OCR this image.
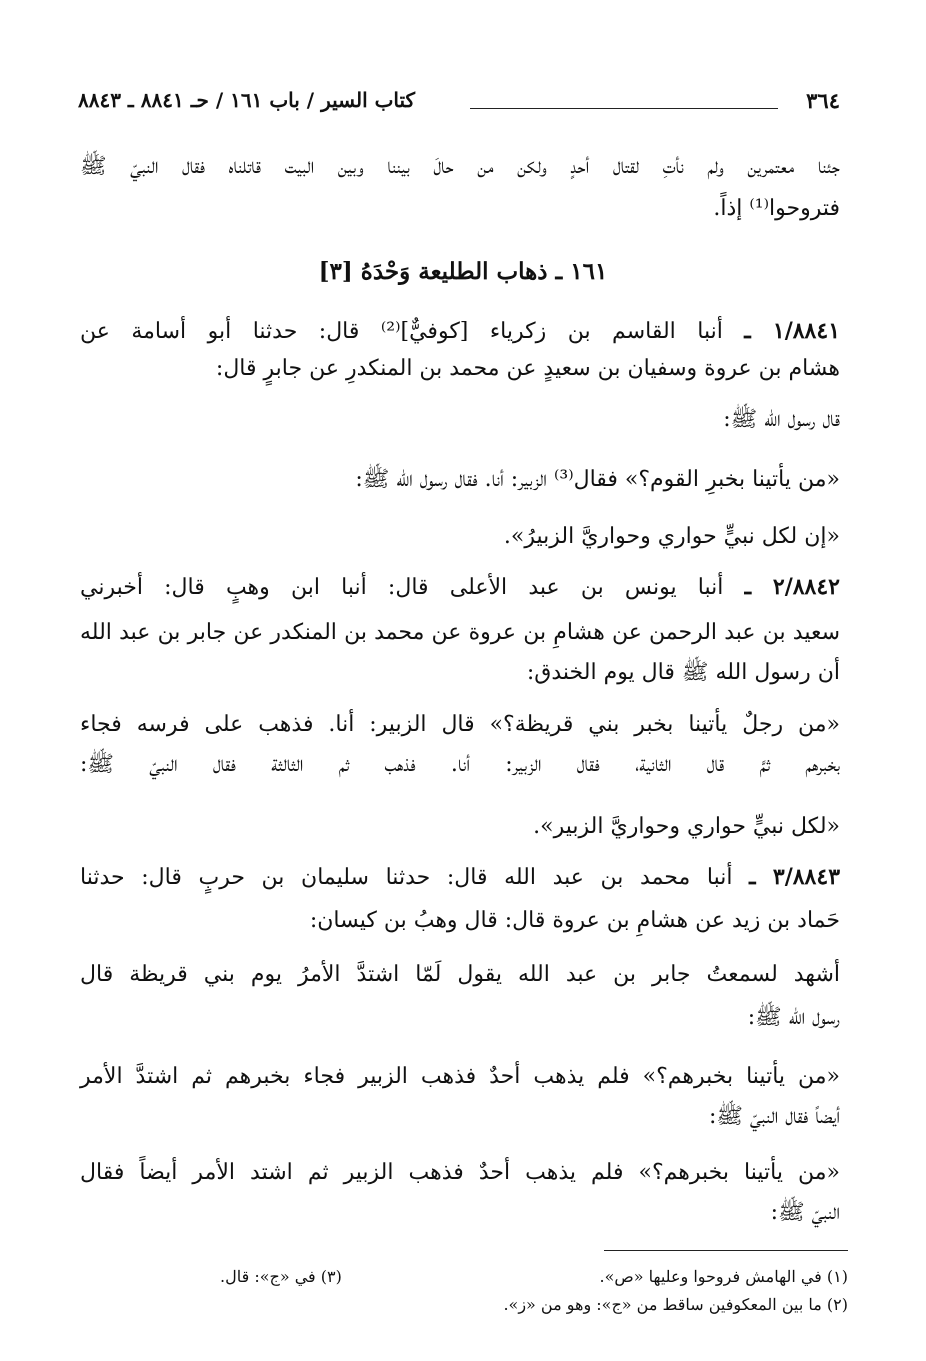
٣٦٤
كتاب السير / باب ١٦١ / حـ ٨٨٤١ ـ ٨٨٤٣
جئنا معتمرين ولم نأتِ لقتال أحدٍ ولكن من حالَ بيننا وبين البيت قاتلناه فقال النبيّ ﷺ
فتروحوا⁽¹⁾ إذاً.
١٦١ ـ ذهاب الطليعة وَحْدَهُ [٣]
١/٨٨٤١ ـ أنبا القاسم بن زكرياء [كوفيٌّ]⁽²⁾ قال: حدثنا أبو أسامة عن
هشام بن عروة وسفيان بن سعيدٍ عن محمد بن المنكدرِ عن جابرٍ قال:
قال رسول الله ﷺ:
«من يأتينا بخبرِ القوم؟» فقال⁽³⁾ الزبير: أنا. فقال رسول الله ﷺ:
«إن لكل نبيٍّ حواري وحواريَّ الزبيرُ».
٢/٨٨٤٢ ـ أنبا يونس بن عبد الأعلى قال: أنبا ابن وهبٍ قال: أخبرني
سعيد بن عبد الرحمن عن هشامِ بن عروة عن محمد بن المنكدر عن جابر بن عبد الله
أن رسول الله ﷺ قال يوم الخندق:
«من رجلٌ يأتينا بخبر بني قريظة؟» قال الزبير: أنا. فذهب على فرسه فجاء
بخبرهم ثمَّ قال الثانية، فقال الزبير: أنا. فذهب ثم الثالثة فقال النبيّ ﷺ:
«لكل نبيٍّ حواري وحواريَّ الزبير».
٣/٨٨٤٣ ـ أنبا محمد بن عبد الله قال: حدثنا سليمان بن حربٍ قال: حدثنا
حَماد بن زيد عن هشامِ بن عروة قال: قال وهبُ بن كيسان:
أشهد لسمعتُ جابر بن عبد الله يقول لَمّا اشتدَّ الأمرُ يوم بني قريظة قال
رسول الله ﷺ:
«من يأتينا بخبرهم؟» فلم يذهب أحدٌ فذهب الزبير فجاء بخبرهم ثم اشتدَّ الأمر
أيضاً فقال النبيّ ﷺ:
«من يأتينا بخبرهم؟» فلم يذهب أحدٌ فذهب الزبير ثم اشتد الأمر أيضاً فقال
النبيّ ﷺ:
(١) في الهامش فروحوا وعليها «ص».
(٣) في «ج»: قال.
(٢) ما بين المعكوفين ساقط من «ج»: وهو من «ز».
